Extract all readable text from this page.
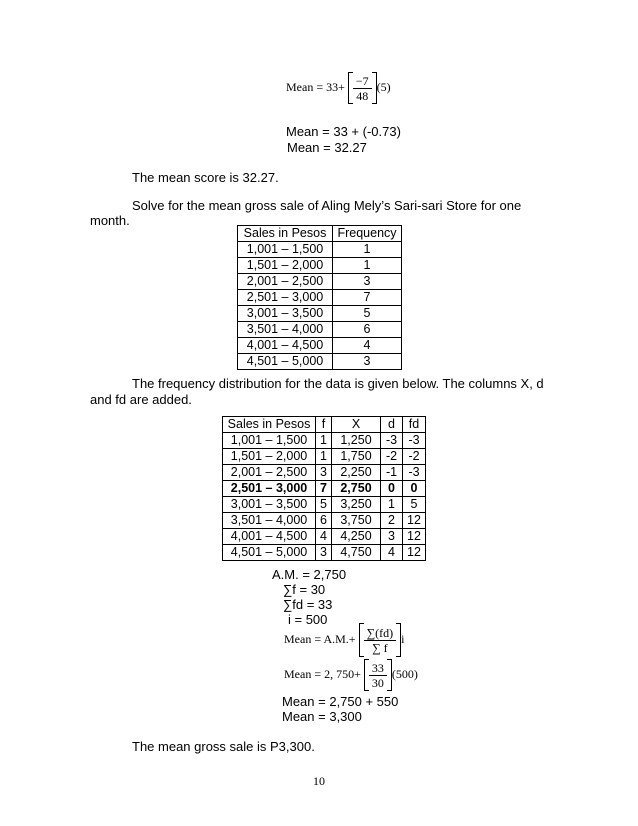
Mean = $33+ \frac{-7}{48} (5)$
Mean = 33 + (-0.73)
Mean = 32.27
The mean score is 32.27.
Solve for the mean gross sale of Aling Mely’s Sari-sari Store for one
month.
Sales in Pesos	Frequency
1,001 – 1,500	1
1,501 – 2,000	1
2,001 – 2,500	3
2,501 – 3,000	7
3,001 – 3,500	5
3,501 – 4,000	6
4,001 – 4,500	4
4,501 – 5,000	3
The frequency distribution for the data is given below. The columns X, d
and fd are added.
Sales in Pesos	f	X	d	fd
1,001 – 1,500	1	1,250	-3	-3
1,501 – 2,000	1	1,750	-2	-2
2,001 – 2,500	3	2,250	-1	-3
2,501 – 3,000	7	2,750	0	0
3,001 – 3,500	5	3,250	1	5
3,501 – 4,000	6	3,750	2	12
4,001 – 4,500	4	4,250	3	12
4,501 – 5,000	3	4,750	4	12
A.M. = 2,750
∑f = 30
∑fd = 33
i = 500
Mean = $A.M.+ \frac{\sum(fd)}{\sum f}$ i
Mean = 2, $750+ \frac{33}{30} (500)$
Mean = 2,750 + 550
Mean = 3,300
The mean gross sale is P3,300.
10
